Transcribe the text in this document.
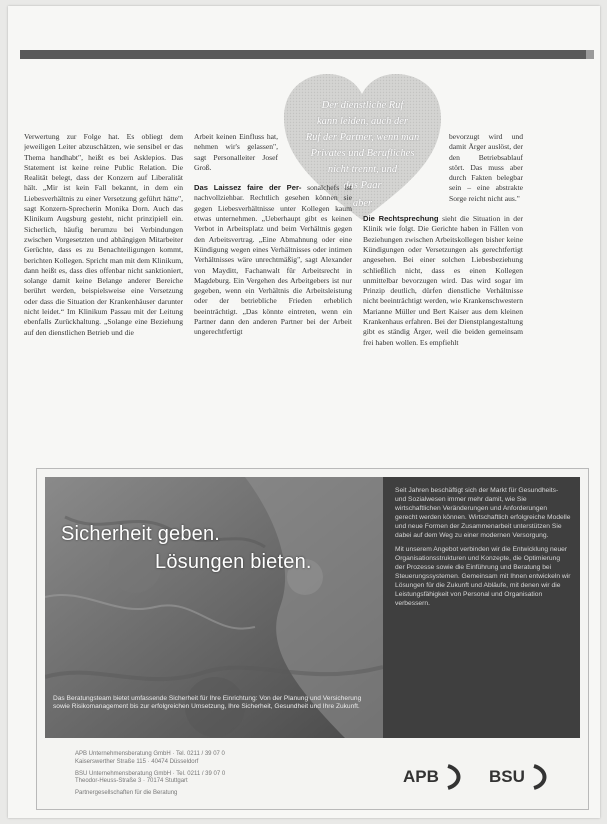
Der dienstliche Ruf
kann leiden, auch der
Ruf der Partner, wenn man
Privates und Berufliches
nicht trennt, und
das Paar
aber

Verwertung zur Folge hat. Es obliegt dem jeweiligen Leiter abzuschätzen, wie sensibel er das Thema handhabt", heißt es bei Asklepios. Das Statement ist keine reine Public Relation. Die Realität belegt, dass der Konzern auf Liberalität hält. „Mir ist kein Fall bekannt, in dem ein Liebesverhältnis zu einer Versetzung geführt hätte", sagt Konzern-Sprecherin Monika Dorn. Auch das Klinikum Augsburg gesteht, nicht prinzipiell ein. Sicherlich, häufig herumzu bei Verbindungen zwischen Vorgesetzten und abhängigen Mitarbeiter Gerüchte, dass es zu Benachteiligungen kommt, berichten Kollegen. Spricht man mit dem Klinikum, dann heißt es, dass dies offenbar nicht sanktioniert, solange damit keine Belange anderer Bereiche berührt werden, beispielsweise eine Versetzung oder dass die Situation der Krankenhäuser darunter nicht leidet.“ Im Klinikum Passau mit der Leitung ebenfalls Zurückhaltung. „Solange eine Beziehung auf den dienstlichen Betrieb und die

Arbeit keinen Einfluss hat, nehmen wir's gelassen", sagt Personalleiter Josef Groß.

Das Laissez faire der Per- sonalchefs ist nachvollziehbar. Rechtlich gesehen können sie gegen Liebesverhältnisse unter Kollegen kaum etwas unternehmen. „Ueberhaupt gibt es keinen Verbot in Arbeitsplatz und beim Verhältnis gegen den Arbeitsvertrag. „Eine Abmahnung oder eine Kündigung wegen eines Verhältnisses oder intimen Verhältnisses wäre unrechtmäßig", sagt Alexander von Mayditt, Fachanwalt für Arbeitsrecht in Magdeburg. Ein Vergehen des Arbeitgebers ist nur gegeben, wenn ein Verhältnis die Arbeitsleistung oder der betriebliche Frieden erheblich beeinträchtigt. „Das könnte eintreten, wenn ein Partner dann den anderen Partner bei der Arbeit ungerechtfertigt

bevorzugt wird und damit Ärger auslöst, der den Betriebsablauf stört. Das muss aber durch Fakten belegbar sein – eine abstrakte Sorge reicht nicht aus."

Die Rechtsprechung sieht die Situation in der Klinik wie folgt. Die Gerichte haben in Fällen von Beziehungen zwischen Arbeitskollegen bisher keine Kündigungen oder Versetzungen als gerechtfertigt angesehen. Bei einer solchen Liebesbeziehung schließlich nicht, dass es einen Kollegen unmittelbar bevorzugen wird. Das wird sogar im Prinzip deutlich, dürfen dienstliche Verhältnisse nicht beeinträchtigt werden, wie Krankenschwestern Marianne Müller und Bert Kaiser aus dem kleinen Krankenhaus erfahren. Bei der Dienstplangestaltung gibt es ständig Ärger, weil die beiden gemeinsam frei haben wollen. Es empfiehlt

Sicherheit geben.
Lösungen bieten.
Das Beratungsteam bietet umfassende Sicherheit für Ihre Einrichtung: Von der Planung und Versicherung sowie Risikomanagement bis zur erfolgreichen Umsetzung, Ihre Sicherheit, Gesundheit und Ihre Zukunft.

Seit Jahren beschäftigt sich der Markt für Gesundheits- und Sozialwesen immer mehr damit, wie Sie wirtschaftlichen Veränderungen und Anforderungen gerecht werden können. Wirtschaftlich erfolgreiche Modelle und neue Formen der Zusammenarbeit unterstützen Sie dabei auf dem Weg zu einer modernen Versorgung.

Mit unserem Angebot verbinden wir die Entwicklung neuer Organisationsstrukturen und Konzepte, die Optimierung der Prozesse sowie die Einführung und Beratung bei Steuerungssystemen. Gemeinsam mit Ihnen entwickeln wir Lösungen für die Zukunft und Abläufe, mit denen wir die Leistungsfähigkeit von Personal und Organisation verbessern.

APB Unternehmensberatung GmbH · Tel. 0211 / 39 07 0
Kaiserswerther Straße 115 · 40474 Düsseldorf
BSU Unternehmensberatung GmbH · Tel. 0211 / 39 07 0
Theodor-Heuss-Straße 3 · 70174 Stuttgart
Partnergesellschaften für die Beratung
APB	BSU
